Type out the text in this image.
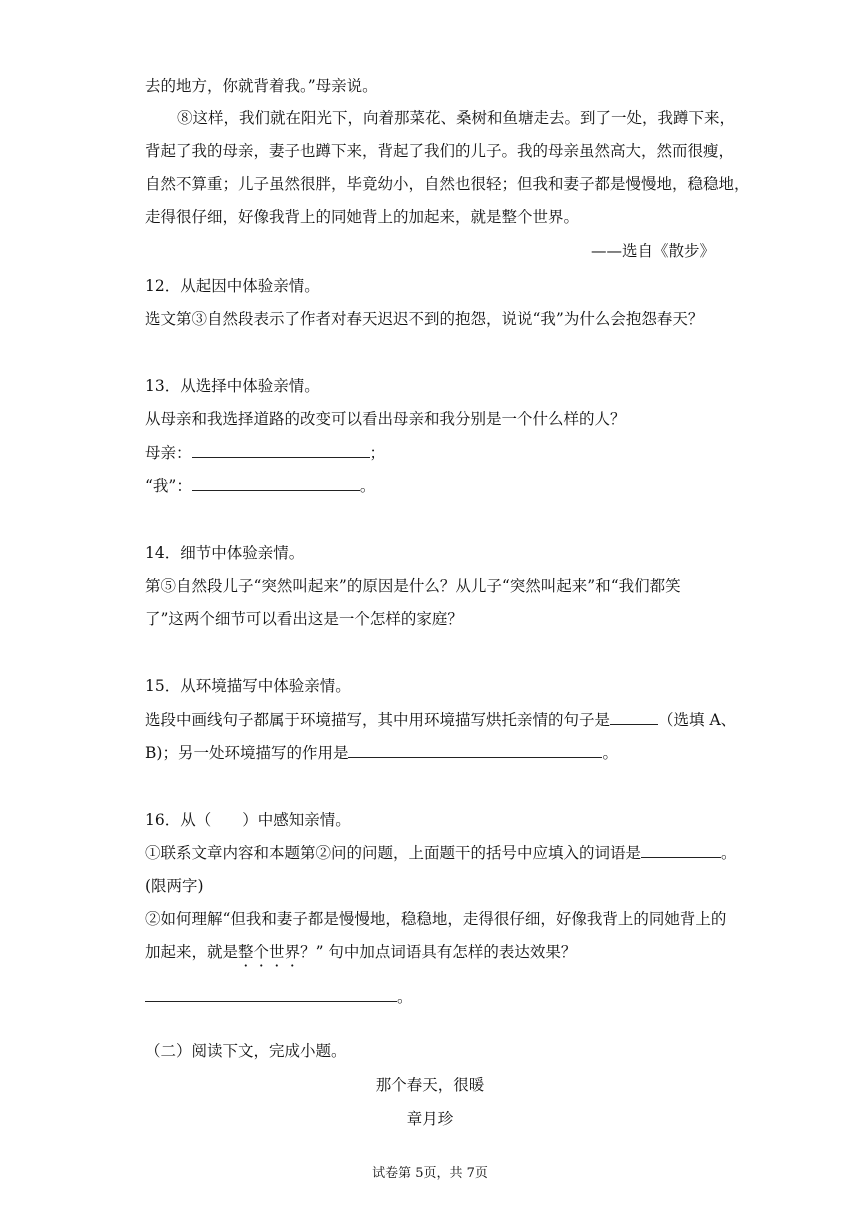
去的地方，你就背着我。”母亲说。
⑧这样，我们就在阳光下，向着那菜花、桑树和鱼塘走去。到了一处，我蹲下来，
背起了我的母亲，妻子也蹲下来，背起了我们的儿子。我的母亲虽然高大，然而很瘦，
自然不算重；儿子虽然很胖，毕竟幼小，自然也很轻；但我和妻子都是慢慢地，稳稳地，
走得很仔细，好像我背上的同她背上的加起来，就是整个世界。
——选自《散步》
12．从起因中体验亲情。
选文第③自然段表示了作者对春天迟迟不到的抱怨，说说“我”为什么会抱怨春天？
13．从选择中体验亲情。
从母亲和我选择道路的改变可以看出母亲和我分别是一个什么样的人？
母亲：	；
“我”：	。
14．细节中体验亲情。
第⑤自然段儿子“突然叫起来”的原因是什么？从儿子“突然叫起来”和“我们都笑
了”这两个细节可以看出这是一个怎样的家庭？
15．从环境描写中体验亲情。
选段中画线句子都属于环境描写，其中用环境描写烘托亲情的句子是	（选填 A、
B)；另一处环境描写的作用是	。
16．从（　　）中感知亲情。
①联系文章内容和本题第②问的问题，上面题干的括号中应填入的词语是	。
(限两字)
②如何理解“但我和妻子都是慢慢地，稳稳地，走得很仔细，好像我背上的同她背上的
加起来，就是整个世界？” 句中加点词语具有怎样的表达效果？
。
（二）阅读下文，完成小题。
那个春天，很暖
章月珍
试卷第 5页，共 7页
